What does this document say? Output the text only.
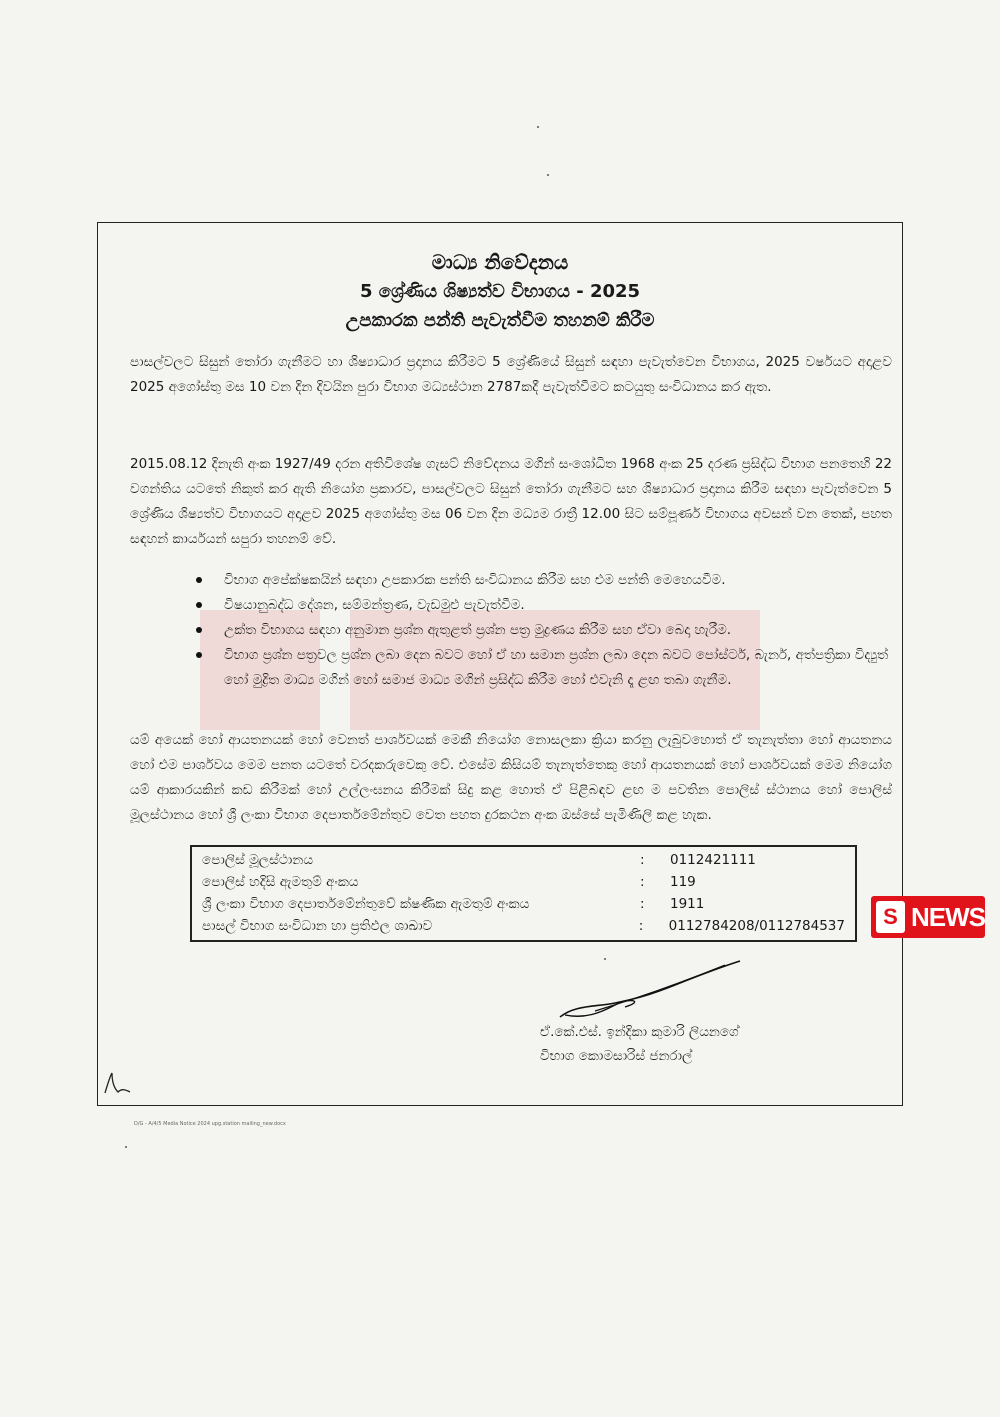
මාධ්‍ය නිවේදනය
5 ශ්‍රේණිය ශිෂ්‍යත්ව විභාගය - 2025
උපකාරක පන්ති පැවැත්වීම තහනම් කිරීම

පාසල්වලට සිසුන් තෝරා ගැනීමට හා ශිෂ්‍යාධාර ප්‍රදානය කිරීමට 5 ශ්‍රේණියේ සිසුන් සඳහා පැවැත්වෙන විභාගය, 2025 වර්ෂයට අදාළව 2025 අගෝස්තු මස 10 වන දින දිවයින පුරා විභාග මධ්‍යස්ථාන 2787කදී පැවැත්වීමට කටයුතු සංවිධානය කර ඇත.

2015.08.12 දිනැති අංක 1927/49 දරන අතිවිශේෂ ගැසට් නිවේදනය මගින් සංශෝධිත 1968 අංක 25 දරණ ප්‍රසිද්ධ විභාග පනතෙහි 22 වගන්තිය යටතේ නිකුත් කර ඇති නියෝග ප්‍රකාරව, පාසල්වලට සිසුන් තෝරා ගැනීමට සහ ශිෂ්‍යාධාර ප්‍රදානය කිරීම සඳහා පැවැත්වෙන 5 ශ්‍රේණිය ශිෂ්‍යත්ව විභාගයට අදාළව 2025 අගෝස්තු මස 06 වන දින මධ්‍යම රාත්‍රී 12.00 සිට සම්පූර්ණ විභාගය අවසන් වන තෙක්, පහත සඳහන් කාර්යයන් සපුරා තහනම් වේ.

විභාග අපේක්ෂකයින් සඳහා උපකාරක පන්ති සංවිධානය කිරීම සහ එම පන්ති මෙහෙයවීම.
විෂයානුබද්ධ දේශන, සම්මන්ත්‍රණ, වැඩමුළු පැවැත්වීම.
උක්ත විභාගය සඳහා අනුමාන ප්‍රශ්න ඇතුළත් ප්‍රශ්න පත්‍ර මුද්‍රණය කිරීම සහ ඒවා බෙදා හැරීම.
විභාග ප්‍රශ්න පත්‍රවල ප්‍රශ්න ලබා දෙන බවට හෝ ඒ හා සමාන ප්‍රශ්න ලබා දෙන බවට පෝස්ටර්, බැනර්, අත්පත්‍රිකා විද්‍යුත් හෝ මුද්‍රිත මාධ්‍ය මගින් හෝ සමාජ මාධ්‍ය මගින් ප්‍රසිද්ධ කිරීම හෝ එවැනි දෑ ළඟ තබා ගැනීම.

යම් අයෙක් හෝ ආයතනයක් හෝ වෙනත් පාර්ශවයක් මෙකී නියෝග නොසලකා ක්‍රියා කරනු ලැබුවහොත් ඒ තැනැත්තා හෝ ආයතනය හෝ එම පාර්ශවය මෙම පනත යටතේ වරදකරුවෙකු වේ. එසේම කිසියම් තැනැත්තෙකු හෝ ආයතනයක් හෝ පාර්ශවයක් මෙම නියෝග යම් ආකාරයකින් කඩ කිරීමක් හෝ උල්ලංඝනය කිරීමක් සිදු කළ හොත් ඒ පිළිබඳව ළඟ ම පවතින පොලිස් ස්ථානය හෝ පොලිස් මූලස්ථානය හෝ ශ්‍රී ලංකා විභාග දෙපාර්තමේන්තුව වෙත පහත දුරකථන අංක ඔස්සේ පැමිණිලි කළ හැක.

පොලිස් මූලස්ථානය	:	0112421111
පොලිස් හදිසි ඇමතුම් අංකය	:	119
ශ්‍රී ලංකා විභාග දෙපාර්තමේන්තුවේ ක්ෂණික ඇමතුම් අංකය	:	1911
පාසල් විභාග සංවිධාන හා ප්‍රතිඵල ශාඛාව	:	0112784208/0112784537	S NEWS
ඒ.කේ.එස්. ඉන්දිකා කුමාරි ලියනගේ
විභාග කොමසාරිස් ජනරාල්
D/G - A/4/5 Media Notice 2024 upg.station mailing_new.docx
